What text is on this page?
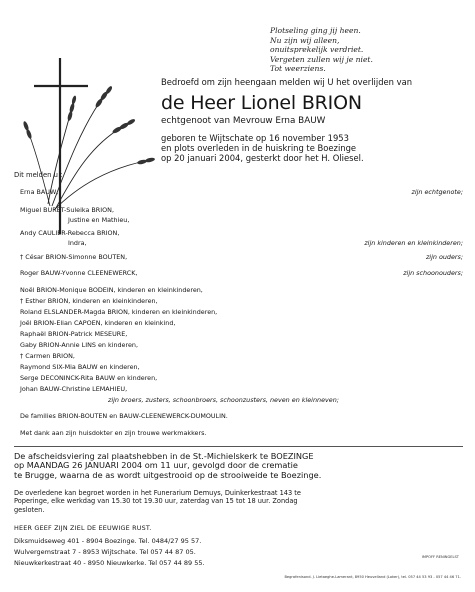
Plotseling ging jij heen.
Nu zijn wij alleen,
onuitsprekelijk verdriet.
Vergeten zullen wij je niet.
Tot weerziens.
Bedroefd om zijn heengaan melden wij U het overlijden van
de Heer Lionel BRION
echtgenoot van Mevrouw Erna BAUW
geboren te Wijtschate op 16 november 1953
en plots overleden in de huiskring te Boezinge
op 20 januari 2004, gesterkt door het H. Oliesel.
Dit melden u :
Erna BAUW,	zijn echtgenote;
Miguel BURET-Suleika BRION,
Justine en Mathieu,
Andy CAULIER-Rebecca BRION,
Indra,	zijn kinderen en kleinkinderen;
† César BRION-Simonne BOUTEN,	zijn ouders;
Roger BAUW-Yvonne CLEENEWERCK,	zijn schoonouders;
Noël BRION-Monique BODEIN, kinderen en kleinkinderen,
† Esther BRION, kinderen en kleinkinderen,
Roland ELSLANDER-Magda BRION, kinderen en kleinkinderen,
Joël BRION-Elian CAPOEN, kinderen en kleinkind,
Raphaël BRION-Patrick MESEURE,
Gaby BRION-Annie LINS en kinderen,
† Carmen BRION,
Raymond SIX-Mia BAUW en kinderen,
Serge DECONINCK-Rita BAUW en kinderen,
Johan BAUW-Christine LEMAHIEU,
zijn broers, zusters, schoonbroers, schoonzusters, neven en kleinneven;
De families BRION-BOUTEN en BAUW-CLEENEWERCK-DUMOULIN.
Met dank aan zijn huisdokter en zijn trouwe werkmakkers.
De afscheidsviering zal plaatshebben in de St.-Michielskerk te BOEZINGE
op MAANDAG 26 JANUARI 2004 om 11 uur, gevolgd door de crematie
te Brugge, waarna de as wordt uitgestrooid op de strooiweide te Boezinge.
De overledene kan begroet worden in het Funerarium Demuys, Duinkerkestraat 143 te
Poperinge, elke werkdag van 15.30 tot 19.30 uur, zaterdag van 15 tot 18 uur. Zondag
gesloten.
HEER GEEF ZIJN ZIEL DE EEUWIGE RUST.
Diksmuidseweg 401 - 8904 Boezinge. Tel. 0484/27 95 57.
Wulvergemstraat 7 - 8953 Wijtschate. Tel 057 44 87 05.
Nieuwkerkestraat 40 - 8950 Nieuwkerke. Tel 057 44 89 55.
IMPOFF RENINGELST
Begrafenisond. J. Lietaeghe-Lamerant, 8950 Heuvelland (Loker), tel. 057 44 53 93 - 057 44 46 71.
